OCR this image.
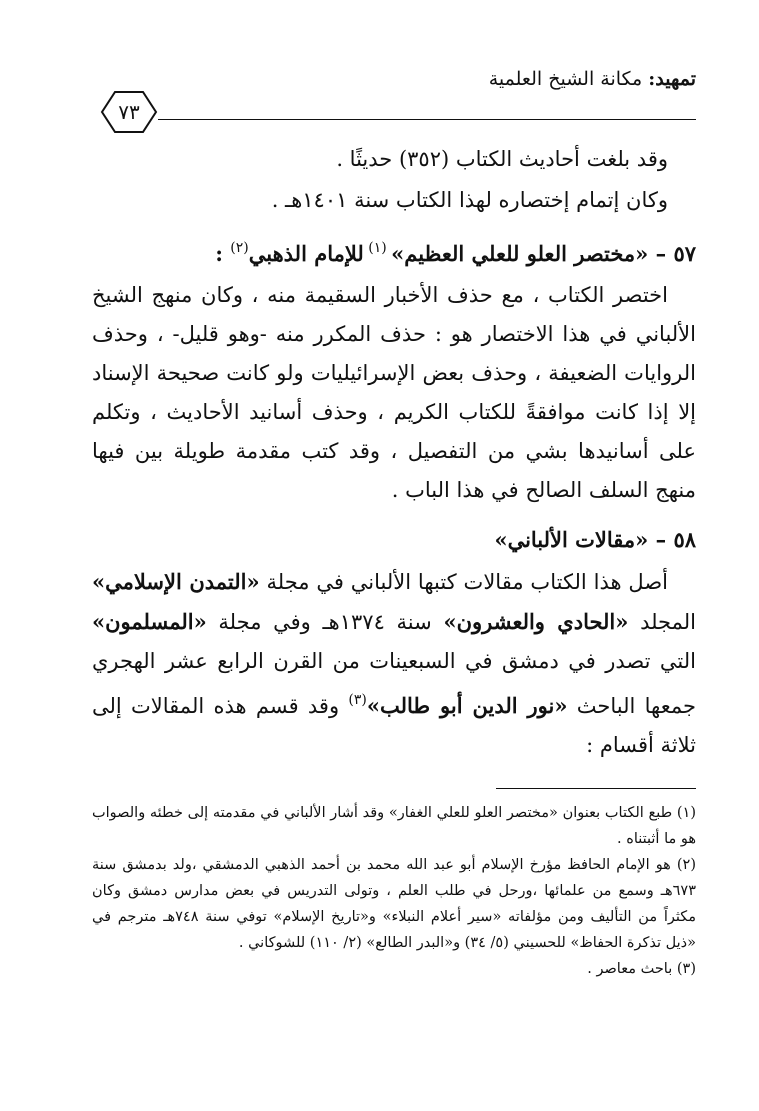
تمهيد: مكانة الشيخ العلمية
٧٣

وقد بلغت أحاديث الكتاب (٣٥٢) حديثًا .

وكان إتمام إختصاره لهذا الكتاب سنة ١٤٠١هـ .

٥٧ – «مختصر العلو للعلي العظيم» $^{(١)}$ للإمام الذهبي$^{(٢)}$ :

اختصر الكتاب ، مع حذف الأخبار السقيمة منه ، وكان منهج الشيخ الألباني في هذا الاختصار هو : حذف المكرر منه -وهو قليل- ، وحذف الروايات الضعيفة ، وحذف بعض الإسرائيليات ولو كانت صحيحة الإسناد إلا إذا كانت موافقةً للكتاب الكريم ، وحذف أسانيد الأحاديث ، وتكلم على أسانيدها بشي من التفصيل ، وقد كتب مقدمة طويلة بين فيها منهج السلف الصالح في هذا الباب .

٥٨ – «مقالات الألباني»

أصل هذا الكتاب مقالات كتبها الألباني في مجلة «التمدن الإسلامي» المجلد «الحادي والعشرون» سنة ١٣٧٤هـ وفي مجلة «المسلمون» التي تصدر في دمشق في السبعينات من القرن الرابع عشر الهجري جمعها الباحث «نور الدين أبو طالب»$^{(٣)}$ وقد قسم هذه المقالات إلى ثلاثة أقسام :

(١) طبع الكتاب بعنوان «مختصر العلو للعلي الغفار» وقد أشار الألباني في مقدمته إلى خطئه والصواب هو ما أثبتناه .

(٢) هو الإمام الحافظ مؤرخ الإسلام أبو عبد الله محمد بن أحمد الذهبي الدمشقي ،ولد بدمشق سنة ٦٧٣هـ وسمع من علمائها ،ورحل في طلب العلم ، وتولى التدريس في بعض مدارس دمشق وكان مكثراً من التأليف ومن مؤلفاته «سير أعلام النبلاء» و«تاريخ الإسلام» توفي سنة ٧٤٨هـ مترجم في «ذيل تذكرة الحفاظ» للحسيني (٥/ ٣٤) و«البدر الطالع» (٢/ ١١٠) للشوكاني .

(٣) باحث معاصر .
